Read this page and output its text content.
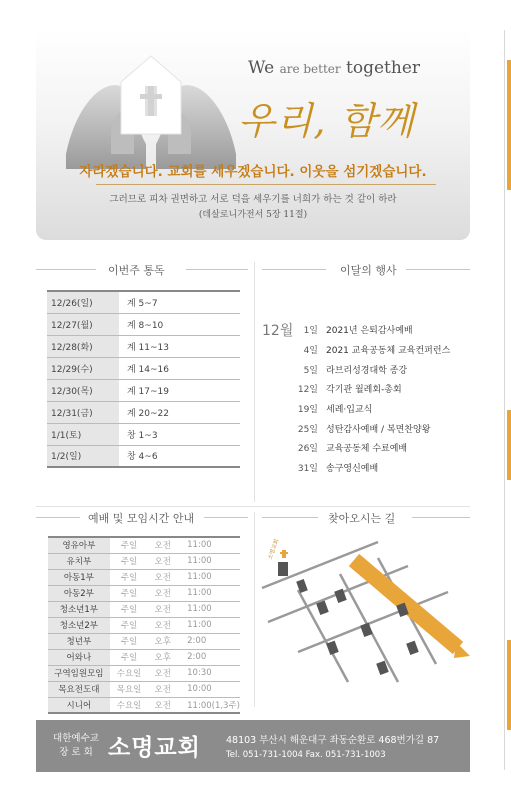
We are better together
우리, 함께
자라겠습니다. 교회를 세우겠습니다. 이웃을 섬기겠습니다.
그러므로 피차 권면하고 서로 덕을 세우기를 너희가 하는 것 같이 하라
(데살로니가전서 5장 11절)
이번주 통독
12/26(일)	계 5~7
12/27(월)	계 8~10
12/28(화)	계 11~13
12/29(수)	계 14~16
12/30(목)	계 17~19
12/31(금)	계 20~22
1/1(토)	창 1~3
1/2(일)	창 4~6
이달의 행사
12월	1일 2021년 은퇴감사예배
4일 2021 교육공동체 교육컨퍼런스
5일 라브리성경대학 종강
12일 각기관 월례회-총회
19일 세례·입교식
25일 성탄감사예배 / 복면찬양왕
26일 교육공동체 수료예배
31일 송구영신예배
예배 및 모임시간 안내
영유아부	주일	오전	11:00
유치부	주일	오전	11:00
아동1부	주일	오전	11:00
아동2부	주일	오전	11:00
청소년1부	주일	오전	11:00
청소년2부	주일	오전	11:00
청년부	주일	오후	2:00
어와나	주일	오후	2:00
구역임원모임	수요일	오전	10:30
목요전도대	목요일	오전	10:00
시니어	수요일	오전	11:00(1,3주)
찾아오시는 길
소명교회
대한예수교
장 로 회 소명교회	48103 부산시 해운대구 좌동순환로 468번가길 87
Tel. 051-731-1004 Fax. 051-731-1003
